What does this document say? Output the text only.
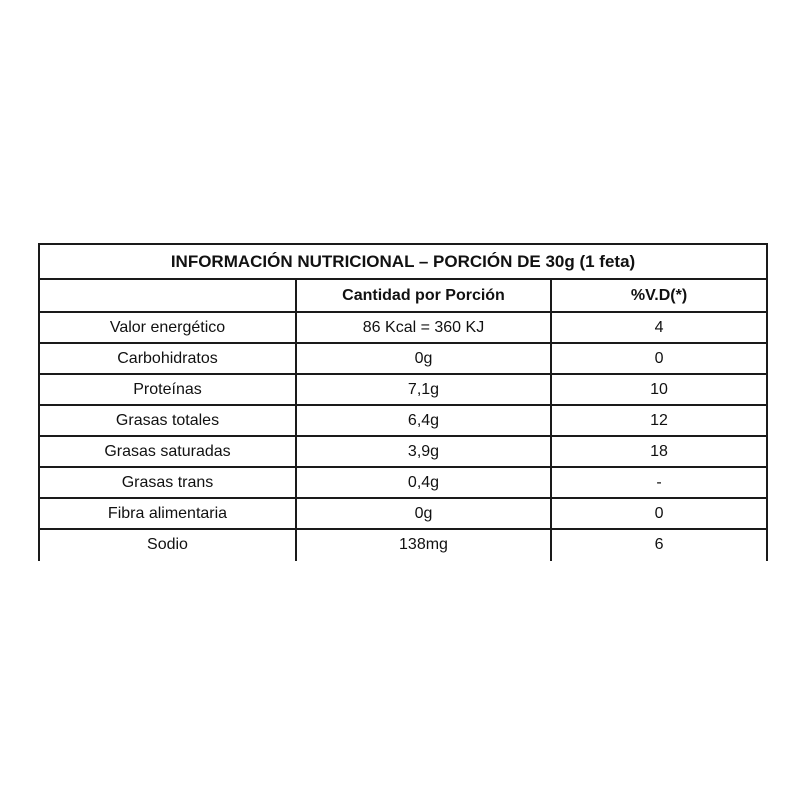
INFORMACIÓN NUTRICIONAL – PORCIÓN DE 30g (1 feta)		
	Cantidad por Porción	%V.D(*)
Valor energético	86 Kcal = 360 KJ	4
Carbohidratos	0g	0
Proteínas	7,1g	10
Grasas totales	6,4g	12
Grasas saturadas	3,9g	18
Grasas trans	0,4g	-
Fibra alimentaria	0g	0
Sodio	138mg	6
